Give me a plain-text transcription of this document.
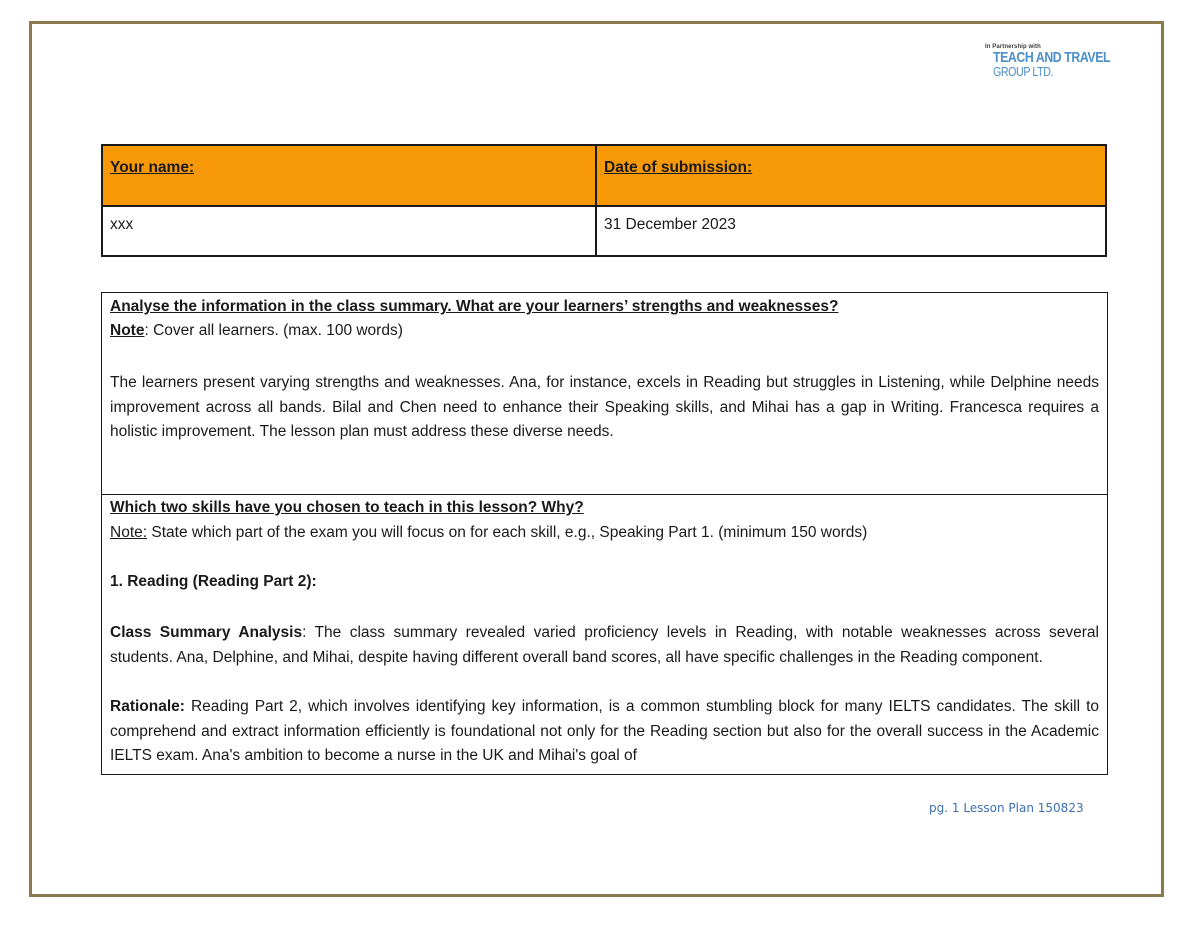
In Partnership with
TEACH AND TRAVEL
GROUP LTD.
Your name:	Date of submission:

xxx	31 December 2023
Analyse the information in the class summary. What are your learners’ strengths and weaknesses?
Note: Cover all learners. (max. 100 words)
The learners present varying strengths and weaknesses. Ana, for instance, excels in Reading but struggles in Listening, while Delphine needs improvement across all bands. Bilal and Chen need to enhance their Speaking skills, and Mihai has a gap in Writing. Francesca requires a holistic improvement. The lesson plan must address these diverse needs.
Which two skills have you chosen to teach in this lesson? Why?
Note: State which part of the exam you will focus on for each skill, e.g., Speaking Part 1. (minimum 150 words)
1. Reading (Reading Part 2):
Class Summary Analysis: The class summary revealed varied proficiency levels in Reading, with notable weaknesses across several students. Ana, Delphine, and Mihai, despite having different overall band scores, all have specific challenges in the Reading component.
Rationale: Reading Part 2, which involves identifying key information, is a common stumbling block for many IELTS candidates. The skill to comprehend and extract information efficiently is foundational not only for the Reading section but also for the overall success in the Academic IELTS exam. Ana's ambition to become a nurse in the UK and Mihai's goal of
pg. 1 Lesson Plan 150823
